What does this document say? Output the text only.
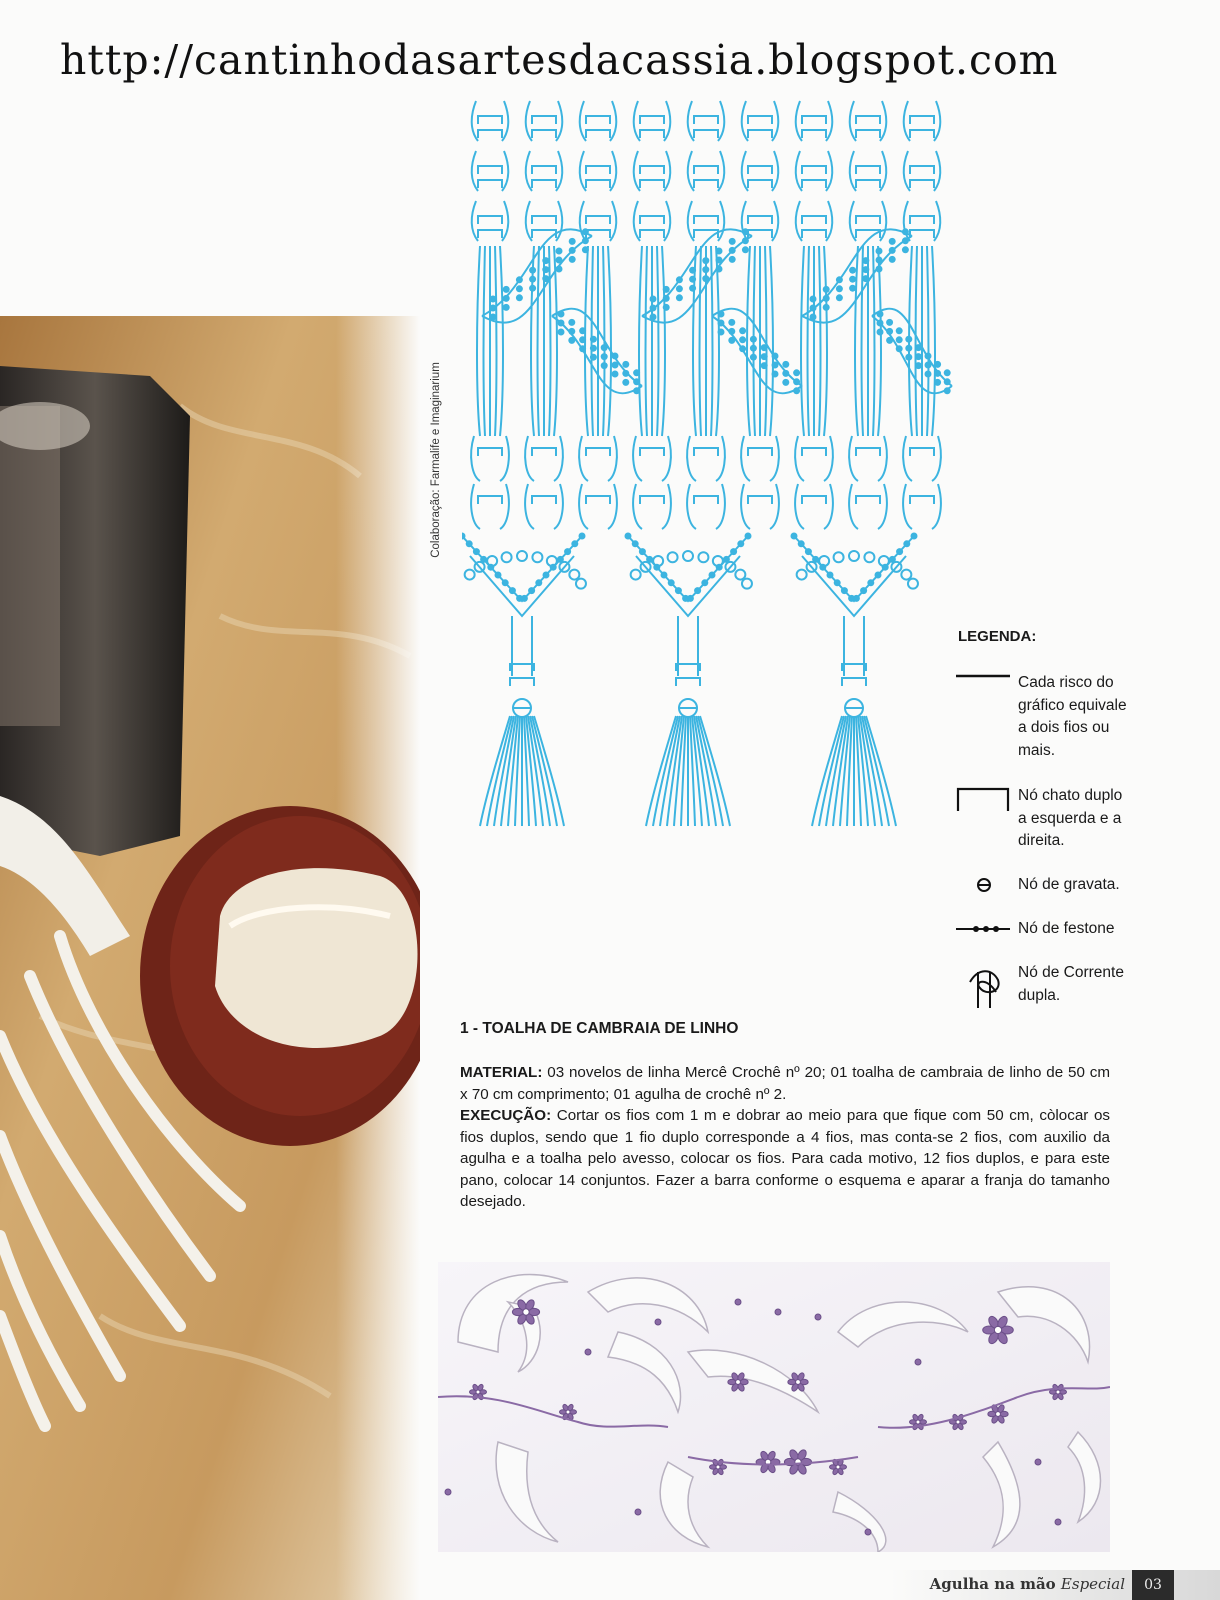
http://cantinhodasartesdacassia.blogspot.com
Colaboração: Farmalife e Imaginarium
LEGENDA:
Cada risco do gráfico equivale a dois fios ou mais.
Nó chato duplo a esquerda e a direita.
Nó de gravata.
Nó de festone
Nó de Corrente dupla.
1 - TOALHA DE CAMBRAIA DE LINHO
MATERIAL: 03 novelos de linha Mercê Crochê nº 20; 01 toalha de cambraia de linho de 50 cm x 70 cm comprimento; 01 agulha de crochê nº 2.
EXECUÇÃO: Cortar os fios com 1 m e dobrar ao meio para que fique com 50 cm, còlocar os fios duplos, sendo que 1 fio duplo corresponde a 4 fios, mas conta-se 2 fios, com auxilio da agulha e a toalha pelo avesso, colocar os fios. Para cada motivo, 12 fios duplos, e para este pano, colocar 14 conjuntos. Fazer a barra conforme o esquema e aparar a franja do tamanho desejado.
Agulha na mão Especial	03
